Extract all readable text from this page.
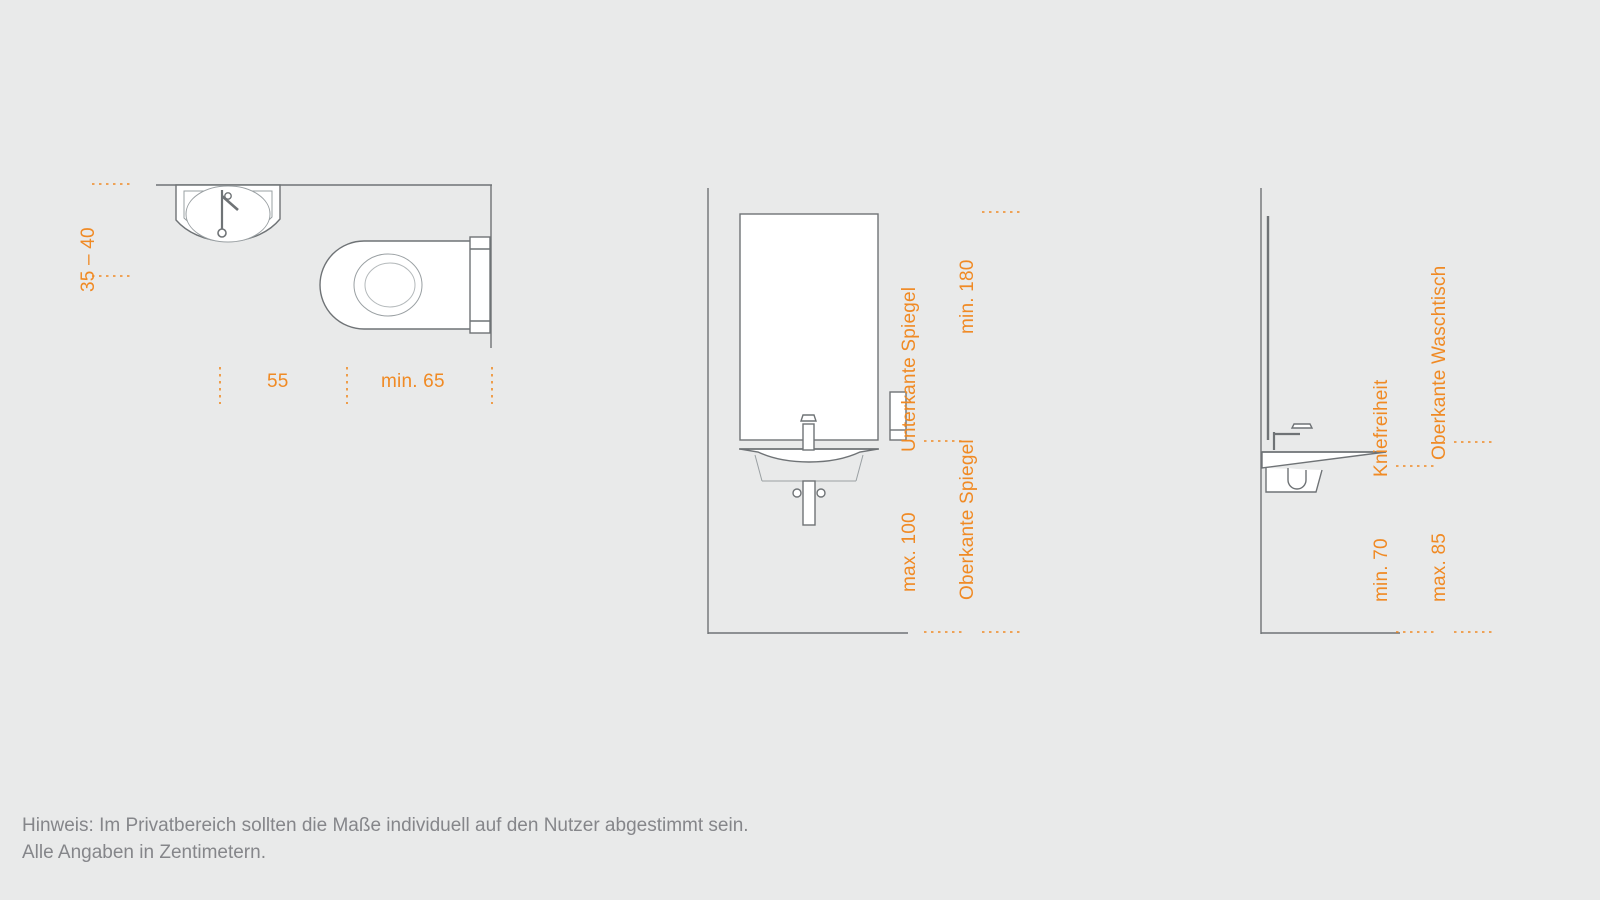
35 – 40
55	min. 65	Unterkante Spiegel
max. 100 Oberkante Spiegel
min. 180
Kniefreiheit
min. 70
Oberkante Waschtisch
max. 85
Hinweis: Im Privatbereich sollten die Maße individuell auf den Nutzer abgestimmt sein.
Alle Angaben in Zentimetern.
